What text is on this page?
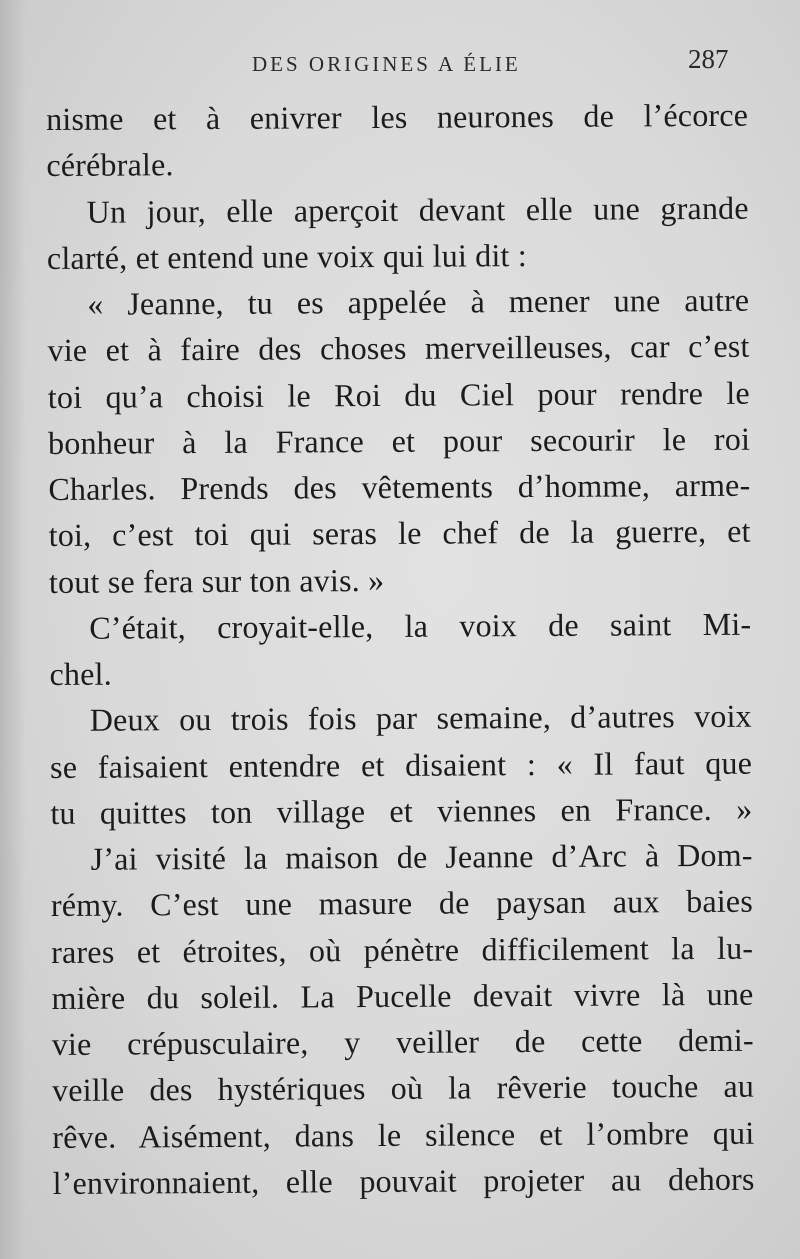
DES ORIGINES A ÉLIE	287
nisme et à enivrer les neurones de l’écorce
cérébrale.
Un jour, elle aperçoit devant elle une grande
clarté, et entend une voix qui lui dit :
« Jeanne, tu es appelée à mener une autre
vie et à faire des choses merveilleuses, car c’est
toi qu’a choisi le Roi du Ciel pour rendre le
bonheur à la France et pour secourir le roi
Charles. Prends des vêtements d’homme, arme-
toi, c’est toi qui seras le chef de la guerre, et
tout se fera sur ton avis. »
C’était, croyait-elle, la voix de saint Mi-
chel.
Deux ou trois fois par semaine, d’autres voix
se faisaient entendre et disaient : « Il faut que
tu quittes ton village et viennes en France. »
J’ai visité la maison de Jeanne d’Arc à Dom-
rémy. C’est une masure de paysan aux baies
rares et étroites, où pénètre difficilement la lu-
mière du soleil. La Pucelle devait vivre là une
vie crépusculaire, y veiller de cette demi-
veille des hystériques où la rêverie touche au
rêve. Aisément, dans le silence et l’ombre qui
l’environnaient, elle pouvait projeter au dehors
